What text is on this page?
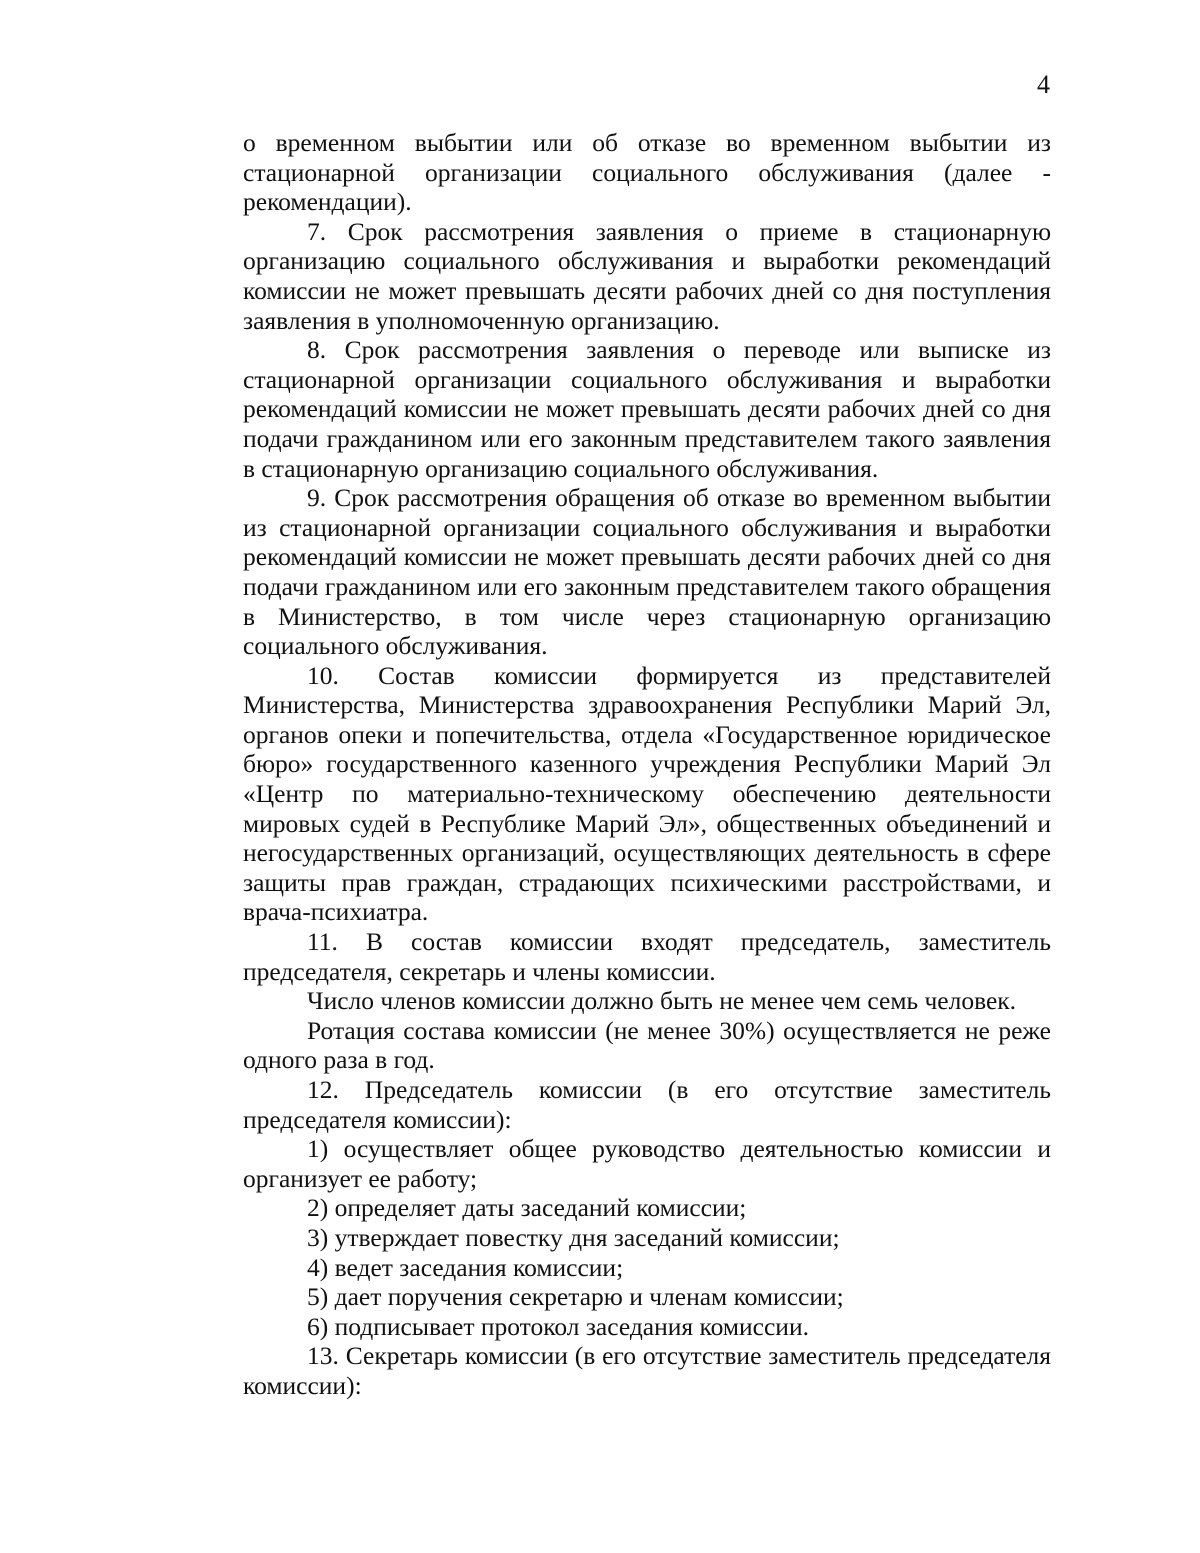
4

о временном выбытии или об отказе во временном выбытии из стационарной организации социального обслуживания (далее - рекомендации).

7. Срок рассмотрения заявления о приеме в стационарную организацию социального обслуживания и выработки рекомендаций комиссии не может превышать десяти рабочих дней со дня поступления заявления в уполномоченную организацию.

8. Срок рассмотрения заявления о переводе или выписке из стационарной организации социального обслуживания и выработки рекомендаций комиссии не может превышать десяти рабочих дней со дня подачи гражданином или его законным представителем такого заявления в стационарную организацию социального обслуживания.

9. Срок рассмотрения обращения об отказе во временном выбытии из стационарной организации социального обслуживания и выработки рекомендаций комиссии не может превышать десяти рабочих дней со дня подачи гражданином или его законным представителем такого обращения в Министерство, в том числе через стационарную организацию социального обслуживания.

10. Состав комиссии формируется из представителей Министерства, Министерства здравоохранения Республики Марий Эл, органов опеки и попечительства, отдела «Государственное юридическое бюро» государственного казенного учреждения Республики Марий Эл «Центр по материально-техническому обеспечению деятельности мировых судей в Республике Марий Эл», общественных объединений и негосударственных организаций, осуществляющих деятельность в сфере защиты прав граждан, страдающих психическими расстройствами, и врача-психиатра.

11. В состав комиссии входят председатель, заместитель председателя, секретарь и члены комиссии.

Число членов комиссии должно быть не менее чем семь человек.

Ротация состава комиссии (не менее 30%) осуществляется не реже одного раза в год.

12. Председатель комиссии (в его отсутствие заместитель председателя комиссии):

1) осуществляет общее руководство деятельностью комиссии и организует ее работу;

2) определяет даты заседаний комиссии;

3) утверждает повестку дня заседаний комиссии;

4) ведет заседания комиссии;

5) дает поручения секретарю и членам комиссии;

6) подписывает протокол заседания комиссии.

13. Секретарь комиссии (в его отсутствие заместитель председателя комиссии):
